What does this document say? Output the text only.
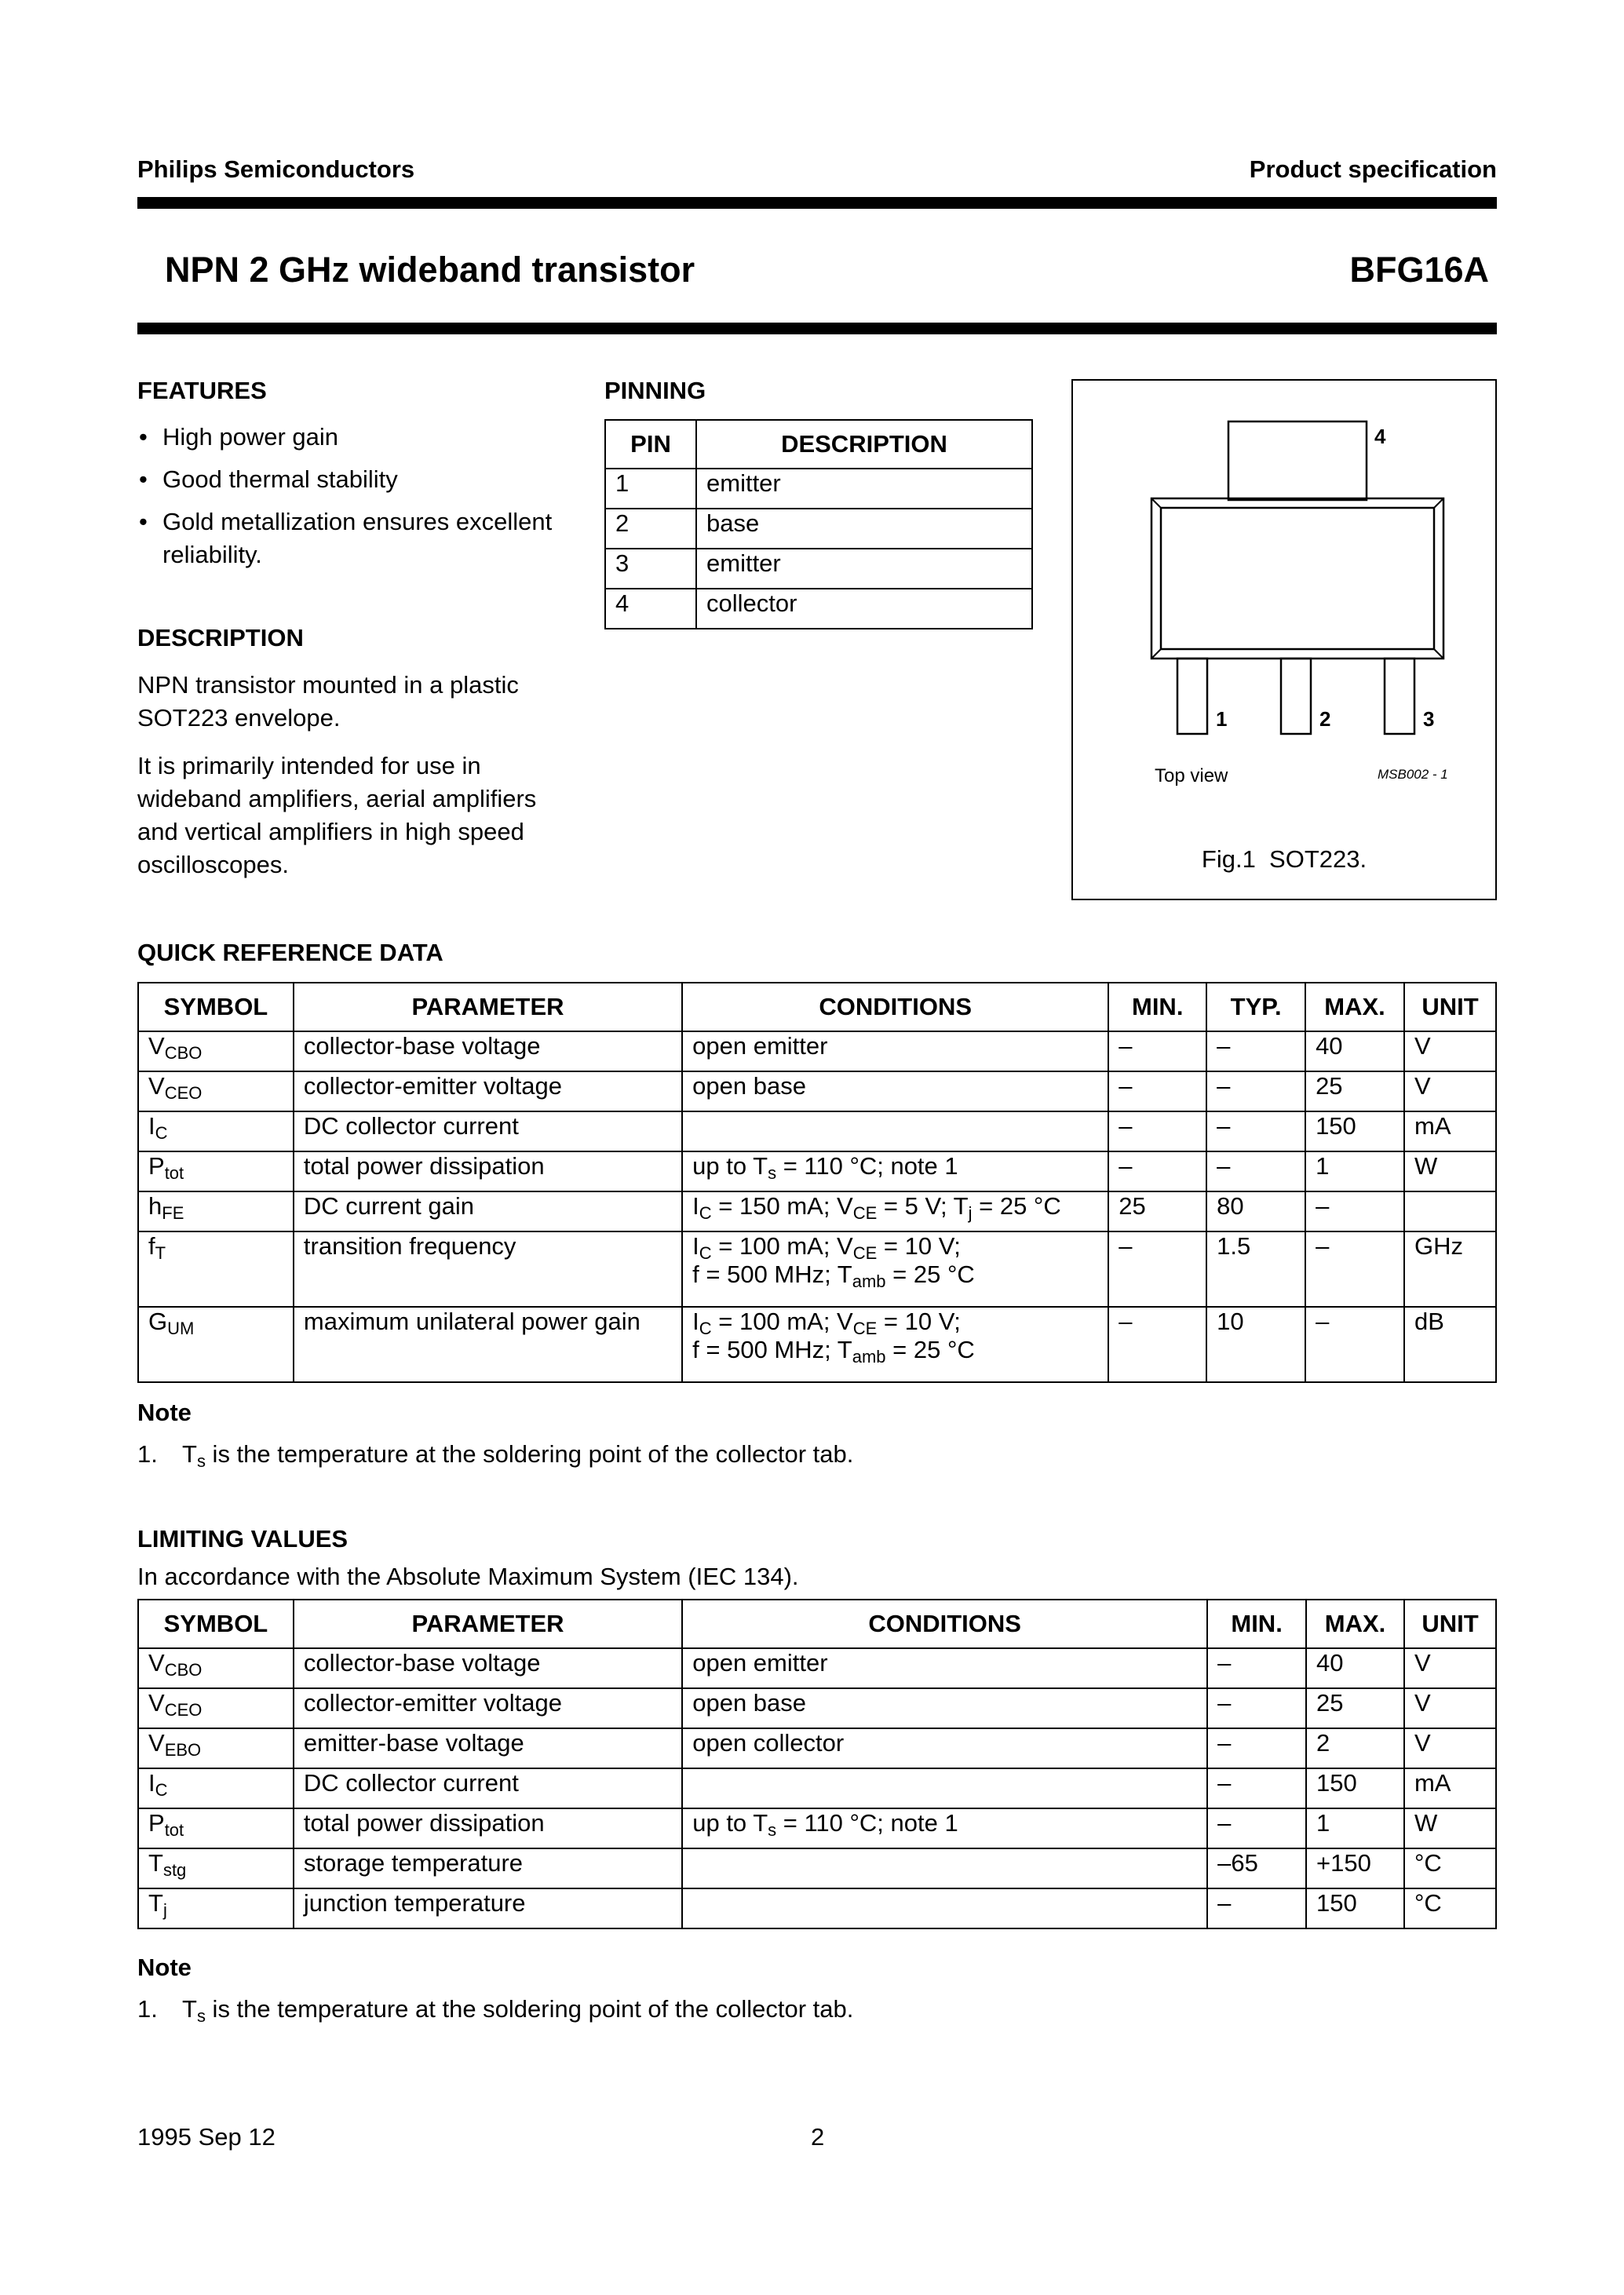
Philips Semiconductors	Product specification
NPN 2 GHz wideband transistor	BFG16A
FEATURES
• High power gain
• Good thermal stability
• Gold metallization ensures excellent reliability.
DESCRIPTION
NPN transistor mounted in a plastic SOT223 envelope.
It is primarily intended for use in wideband amplifiers, aerial amplifiers and vertical amplifiers in high speed oscilloscopes.
PINNING
PIN	DESCRIPTION
1	emitter
2	base
3	emitter
4	collector
4
1	2	3
Top view	MSB002 - 1
Fig.1  SOT223.
QUICK REFERENCE DATA
SYMBOL	PARAMETER	CONDITIONS	MIN.	TYP.	MAX.	UNIT
$V_{CBO}$	collector-base voltage	open emitter	–	–	40	V
$V_{CEO}$	collector-emitter voltage	open base	–	–	25	V
$I_C$	DC collector current		–	–	150	mA
$P_{tot}$	total power dissipation	up to $T_s = 110$ °C; note 1	–	–	1	W
$h_{FE}$	DC current gain	$I_C = 150$ mA; $V_{CE} = 5$ V; $T_j = 25$ °C	25	80	–	
$f_T$	transition frequency	$I_C = 100$ mA; $V_{CE} = 10$ V;
f = 500 MHz; $T_{amb} = 25$ °C	–	1.5	–	GHz
$G_{UM}$	maximum unilateral power gain	$I_C = 100$ mA; $V_{CE} = 10$ V;
f = 500 MHz; $T_{amb} = 25$ °C	–	10	–	dB
Note
1. $T_s$ is the temperature at the soldering point of the collector tab.
LIMITING VALUES
In accordance with the Absolute Maximum System (IEC 134).
SYMBOL	PARAMETER	CONDITIONS	MIN.	MAX.	UNIT
$V_{CBO}$	collector-base voltage	open emitter	–	40	V
$V_{CEO}$	collector-emitter voltage	open base	–	25	V
$V_{EBO}$	emitter-base voltage	open collector	–	2	V
$I_C$	DC collector current		–	150	mA
$P_{tot}$	total power dissipation	up to $T_s = 110$ °C; note 1	–	1	W
$T_{stg}$	storage temperature		–65	+150	°C
$T_j$	junction temperature		–	150	°C
Note
1. $T_s$ is the temperature at the soldering point of the collector tab.
1995 Sep 12	2
